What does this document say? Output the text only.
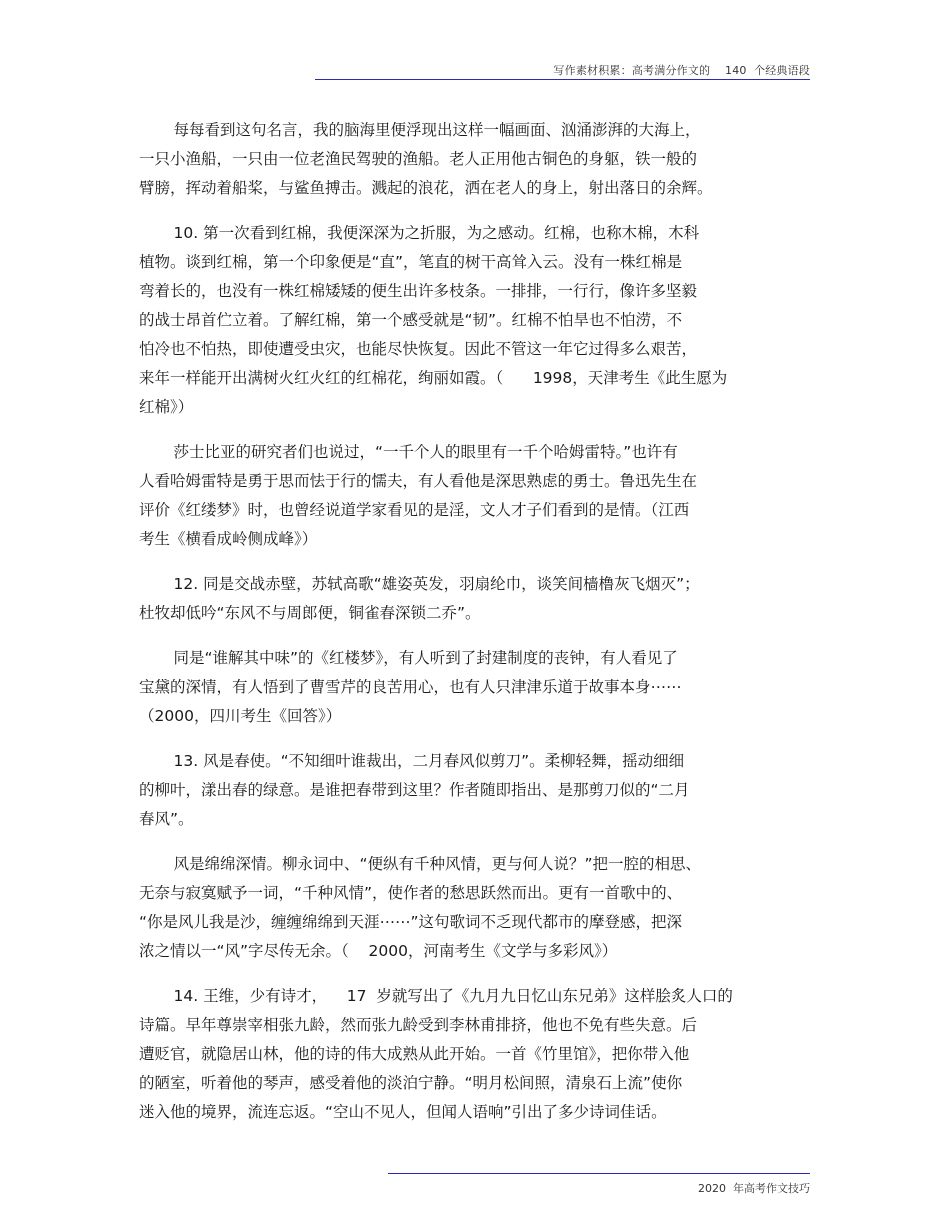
写作素材积累：高考满分作文的    140  个经典语段
每每看到这句名言，我的脑海里便浮现出这样一幅画面、汹涌澎湃的大海上，
一只小渔船，一只由一位老渔民驾驶的渔船。老人正用他古铜色的身躯，铁一般的
臂膀，挥动着船桨，与鲨鱼搏击。溅起的浪花，洒在老人的身上，射出落日的余辉。
10. 第一次看到红棉，我便深深为之折服，为之感动。红棉，也称木棉，木科
植物。谈到红棉，第一个印象便是“直”，笔直的树干高耸入云。没有一株红棉是
弯着长的，也没有一株红棉矮矮的便生出许多枝条。一排排，一行行，像许多坚毅
的战士昂首伫立着。了解红棉，第一个感受就是“韧”。红棉不怕旱也不怕涝，不
怕冷也不怕热，即使遭受虫灾，也能尽快恢复。因此不管这一年它过得多么艰苦，
来年一样能开出满树火红火红的红棉花，绚丽如霞。（      1998，天津考生《此生愿为
红棉》）
莎士比亚的研究者们也说过，“一千个人的眼里有一千个哈姆雷特。”也许有
人看哈姆雷特是勇于思而怯于行的懦夫，有人看他是深思熟虑的勇士。鲁迅先生在
评价《红缕梦》时，也曾经说道学家看见的是淫，文人才子们看到的是情。（江西
考生《横看成岭侧成峰》）
12. 同是交战赤壁，苏轼高歌“雄姿英发，羽扇纶巾，谈笑间樯橹灰飞烟灭”；
杜牧却低吟“东风不与周郎便，铜雀春深锁二乔”。
同是“谁解其中味”的《红楼梦》，有人听到了封建制度的丧钟，有人看见了
宝黛的深情，有人悟到了曹雪芹的良苦用心，也有人只津津乐道于故事本身⋯⋯
（2000，四川考生《回答》）
13. 风是春使。“不知细叶谁裁出，二月春风似剪刀”。柔柳轻舞，摇动细细
的柳叶，漾出春的绿意。是谁把春带到这里？作者随即指出、是那剪刀似的“二月
春风”。
风是绵绵深情。柳永词中、“便纵有千种风情，更与何人说？”把一腔的相思、
无奈与寂寞赋予一词，“千种风情”，使作者的愁思跃然而出。更有一首歌中的、
“你是风儿我是沙，缠缠绵绵到天涯⋯⋯”这句歌词不乏现代都市的摩登感，把深
浓之情以一“风”字尽传无余。（    2000，河南考生《文学与多彩风》）
14. 王维，少有诗才，    17  岁就写出了《九月九日忆山东兄弟》这样脍炙人口的
诗篇。早年尊崇宰相张九龄，然而张九龄受到李林甫排挤，他也不免有些失意。后
遭贬官，就隐居山林，他的诗的伟大成熟从此开始。一首《竹里馆》，把你带入他
的陋室，听着他的琴声，感受着他的淡泊宁静。“明月松间照，清泉石上流”使你
迷入他的境界，流连忘返。“空山不见人，但闻人语响”引出了多少诗词佳话。
2020  年高考作文技巧
